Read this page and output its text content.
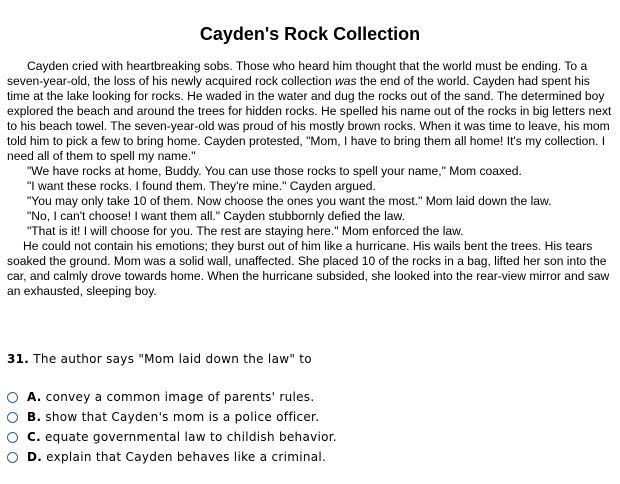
Cayden's Rock Collection

Cayden cried with heartbreaking sobs. Those who heard him thought that the world must be ending. To a seven-year-old, the loss of his newly acquired rock collection was the end of the world. Cayden had spent his time at the lake looking for rocks. He waded in the water and dug the rocks out of the sand. The determined boy explored the beach and around the trees for hidden rocks. He spelled his name out of the rocks in big letters next to his beach towel. The seven-year-old was proud of his mostly brown rocks. When it was time to leave, his mom told him to pick a few to bring home. Cayden protested, "Mom, I have to bring them all home! It's my collection. I need all of them to spell my name."

"We have rocks at home, Buddy. You can use those rocks to spell your name," Mom coaxed.

"I want these rocks. I found them. They're mine." Cayden argued.

"You may only take 10 of them. Now choose the ones you want the most." Mom laid down the law.

"No, I can't choose! I want them all." Cayden stubbornly defied the law.

"That is it! I will choose for you. The rest are staying here." Mom enforced the law.

He could not contain his emotions; they burst out of him like a hurricane. His wails bent the trees. His tears soaked the ground. Mom was a solid wall, unaffected. She placed 10 of the rocks in a bag, lifted her son into the car, and calmly drove towards home. When the hurricane subsided, she looked into the rear-view mirror and saw an exhausted, sleeping boy.

31. The author says "Mom laid down the law" to
A. convey a common image of parents' rules.
B. show that Cayden's mom is a police officer.
C. equate governmental law to childish behavior.
D. explain that Cayden behaves like a criminal.
